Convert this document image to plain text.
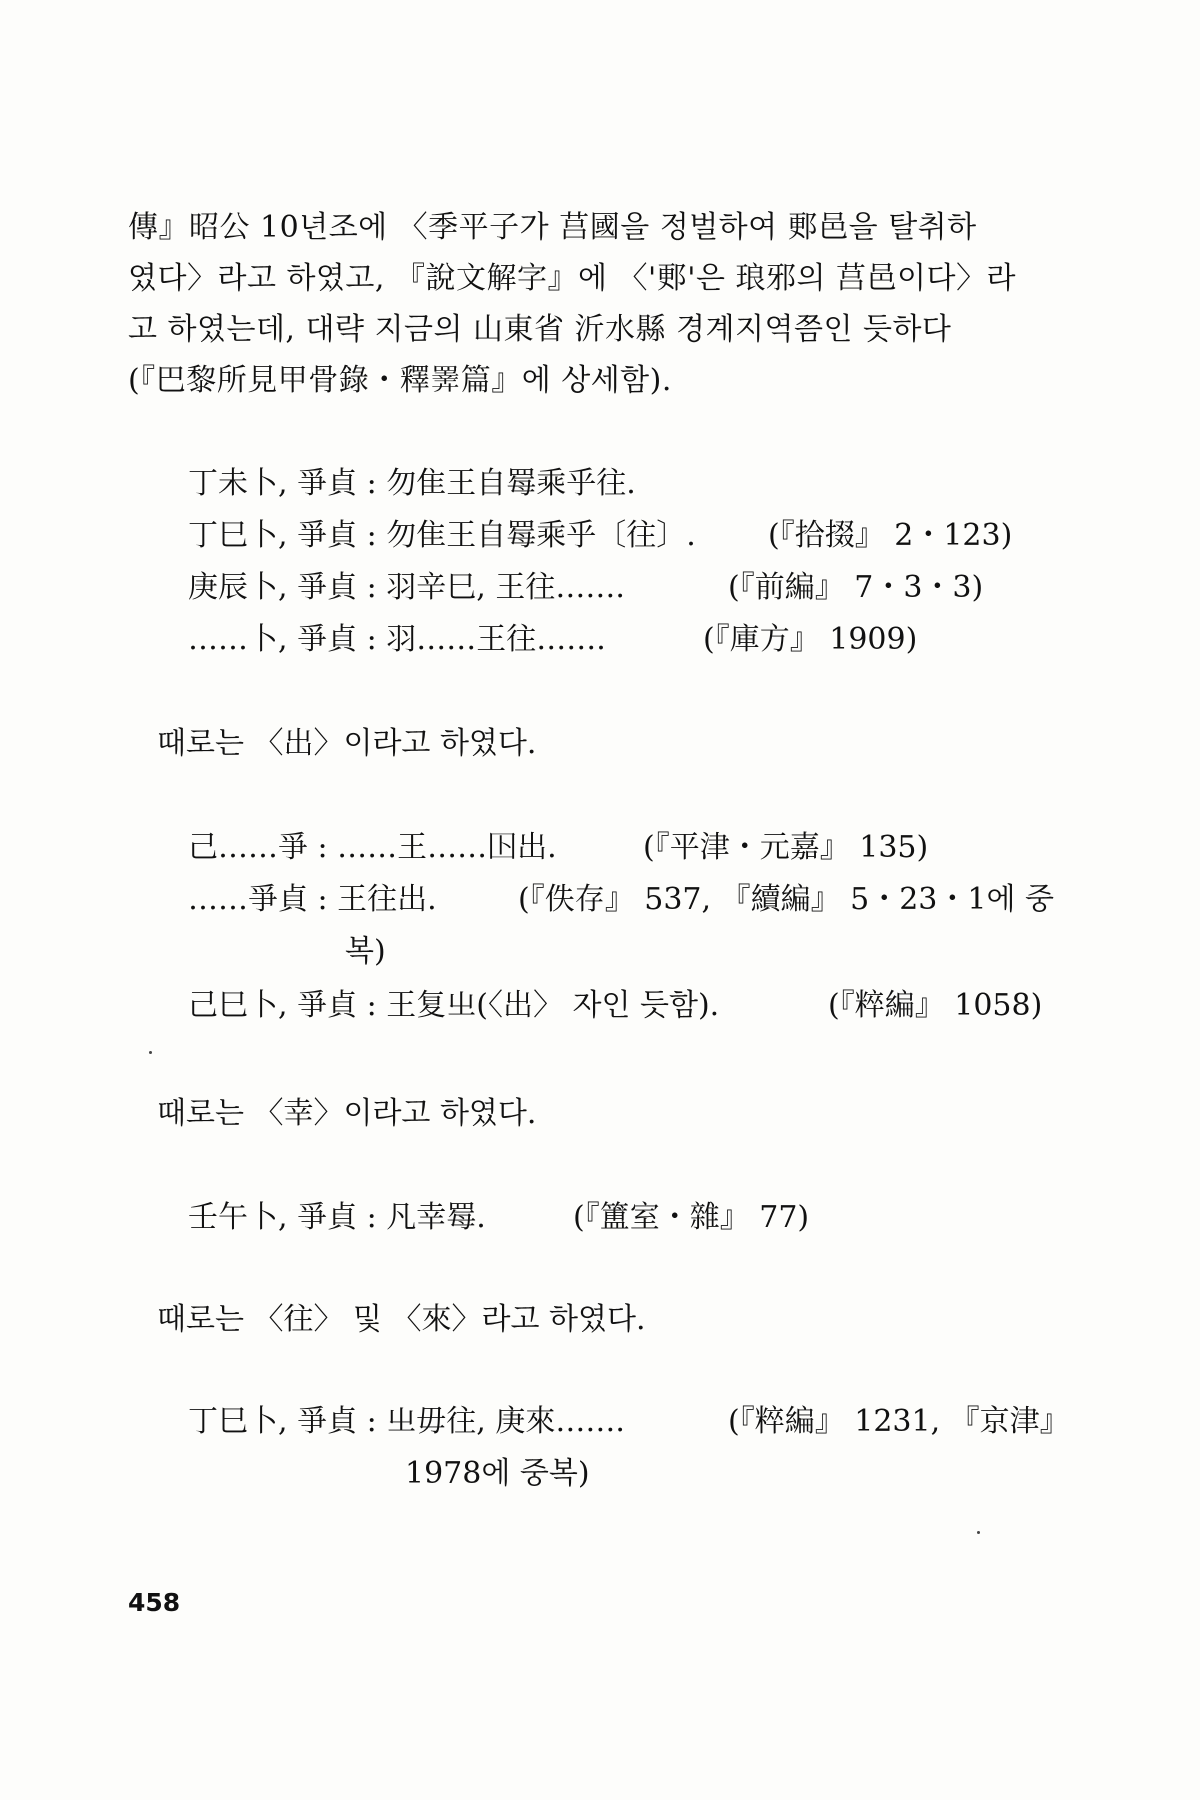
傳』昭公 10년조에 〈季平子가 莒國을 정벌하여 郠邑을 탈취하
였다〉라고 하였고, 『說文解字』에 〈'郠'은 琅邪의 莒邑이다〉라
고 하였는데, 대략 지금의 山東省 沂水縣 경계지역쯤인 듯하다
(『巴黎所見甲骨錄・釋𢍰篇』에 상세함).
丁未卜, 爭貞 : 勿隹王自䍙乘乎往.
丁巳卜, 爭貞 : 勿隹王自䍙乘乎〔往〕. (『拾掇』 2・123)
庚辰卜, 爭貞 : 羽辛巳, 王往…….	(『前編』 7・3・3)
……卜, 爭貞 : 羽……王往…….	(『庫方』 1909)
때로는 〈出〉이라고 하였다.
己……爭 : ……王……𡆥出.	(『平津・元嘉』 135)
……爭貞 : 王往出.	(『佚存』 537, 『續編』 5・23・1에 중
복)
己巳卜, 爭貞 : 王复㞢(〈出〉 자인 듯함).	(『粹編』 1058)
때로는 〈幸〉이라고 하였다.
壬午卜, 爭貞 : 凡幸䍙.	(『簠室・雜』 77)
때로는 〈往〉 및 〈來〉라고 하였다.
丁巳卜, 爭貞 : 㞢毋往, 庚來…….	(『粹編』 1231, 『京津』
1978에 중복)
458
